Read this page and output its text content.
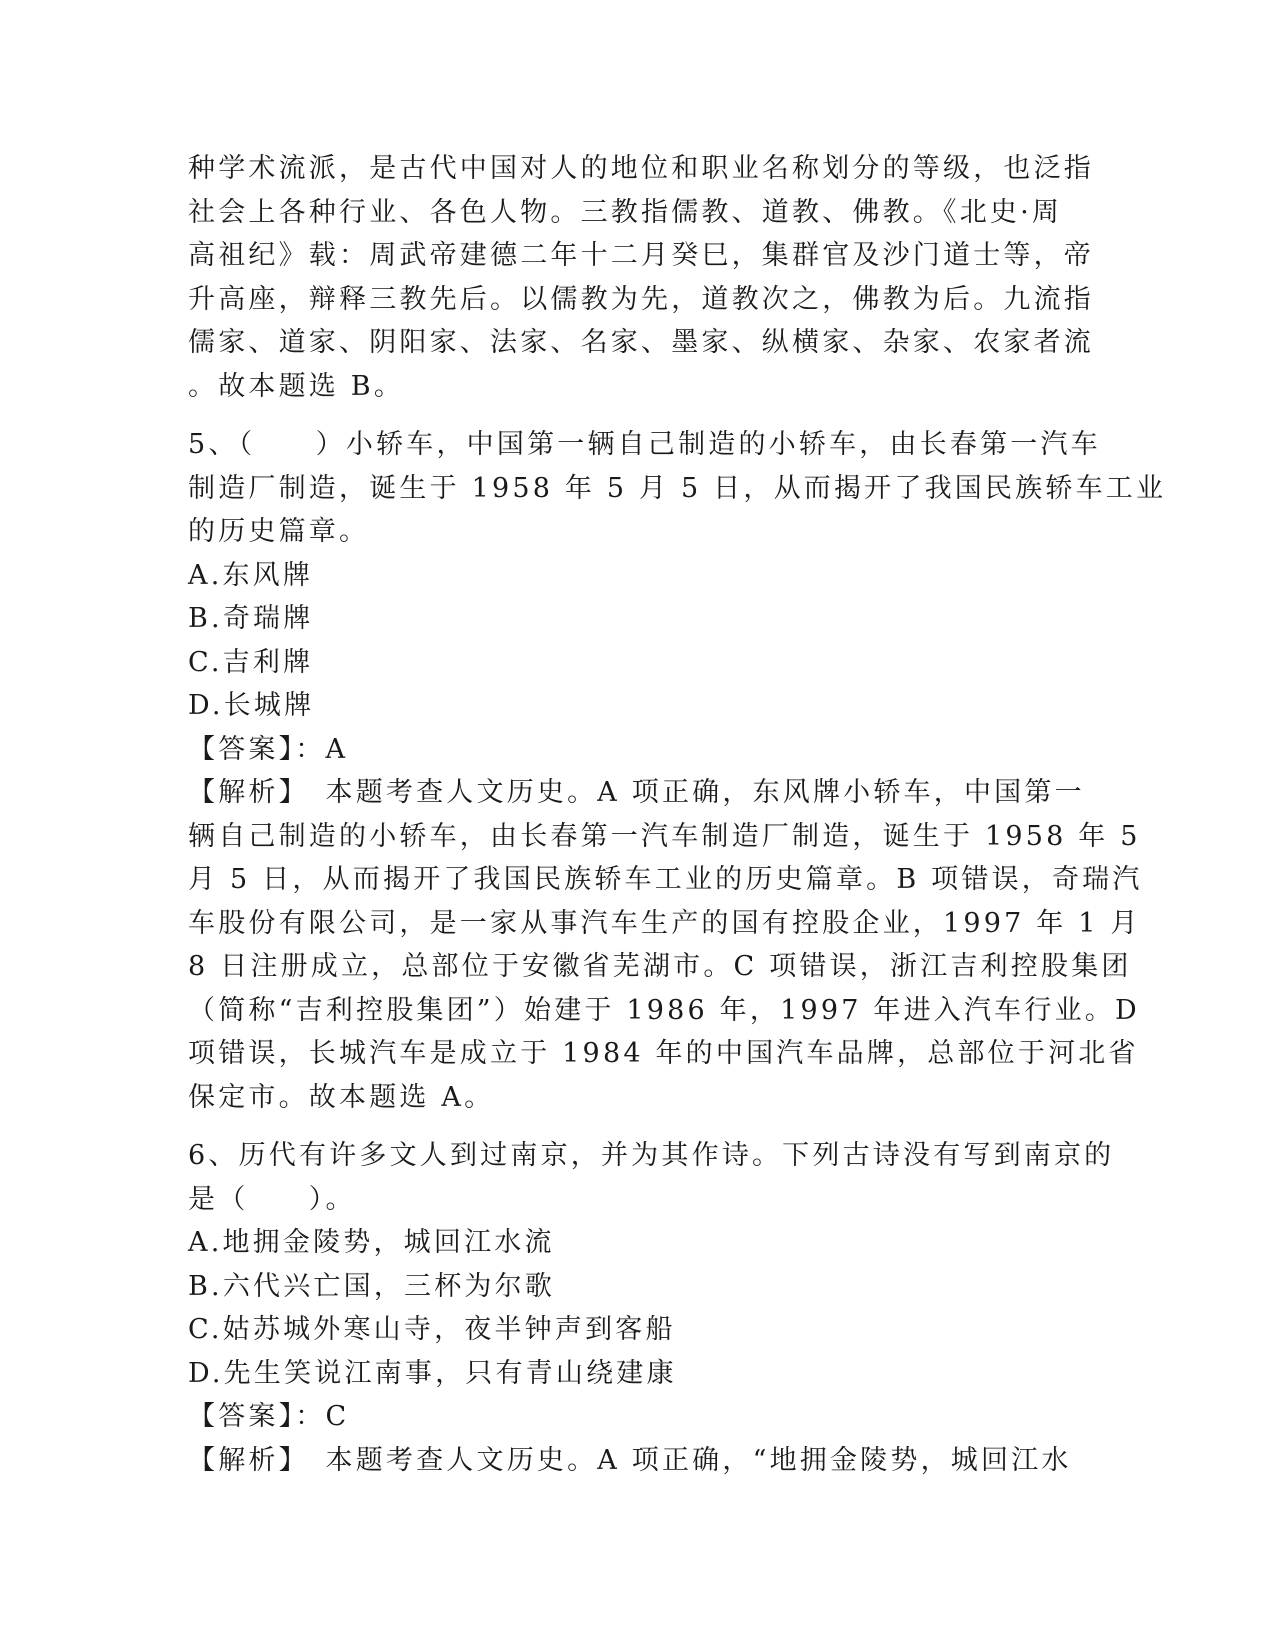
种学术流派，是古代中国对人的地位和职业名称划分的等级，也泛指
社会上各种行业、各色人物。三教指儒教、道教、佛教。《北史·周
高祖纪》载：周武帝建德二年十二月癸巳，集群官及沙门道士等，帝
升高座，辩释三教先后。以儒教为先，道教次之，佛教为后。九流指
儒家、道家、阴阳家、法家、名家、墨家、纵横家、杂家、农家者流
。故本题选 B。
5、（　　）小轿车，中国第一辆自己制造的小轿车，由长春第一汽车
制造厂制造，诞生于 1958 年 5 月 5 日，从而揭开了我国民族轿车工业
的历史篇章。
A.东风牌
B.奇瑞牌
C.吉利牌
D.长城牌
【答案】：A
【解析】　本题考查人文历史。A 项正确，东风牌小轿车，中国第一
辆自己制造的小轿车，由长春第一汽车制造厂制造，诞生于 1958 年 5
月 5 日，从而揭开了我国民族轿车工业的历史篇章。B 项错误，奇瑞汽
车股份有限公司，是一家从事汽车生产的国有控股企业，1997 年 1 月
8 日注册成立，总部位于安徽省芜湖市。C 项错误，浙江吉利控股集团
（简称“吉利控股集团”）始建于 1986 年，1997 年进入汽车行业。D
项错误，长城汽车是成立于 1984 年的中国汽车品牌，总部位于河北省
保定市。故本题选 A。
6、历代有许多文人到过南京，并为其作诗。下列古诗没有写到南京的
是（　　）。
A.地拥金陵势，城回江水流
B.六代兴亡国，三杯为尔歌
C.姑苏城外寒山寺，夜半钟声到客船
D.先生笑说江南事，只有青山绕建康
【答案】：C
【解析】　本题考查人文历史。A 项正确，“地拥金陵势，城回江水
